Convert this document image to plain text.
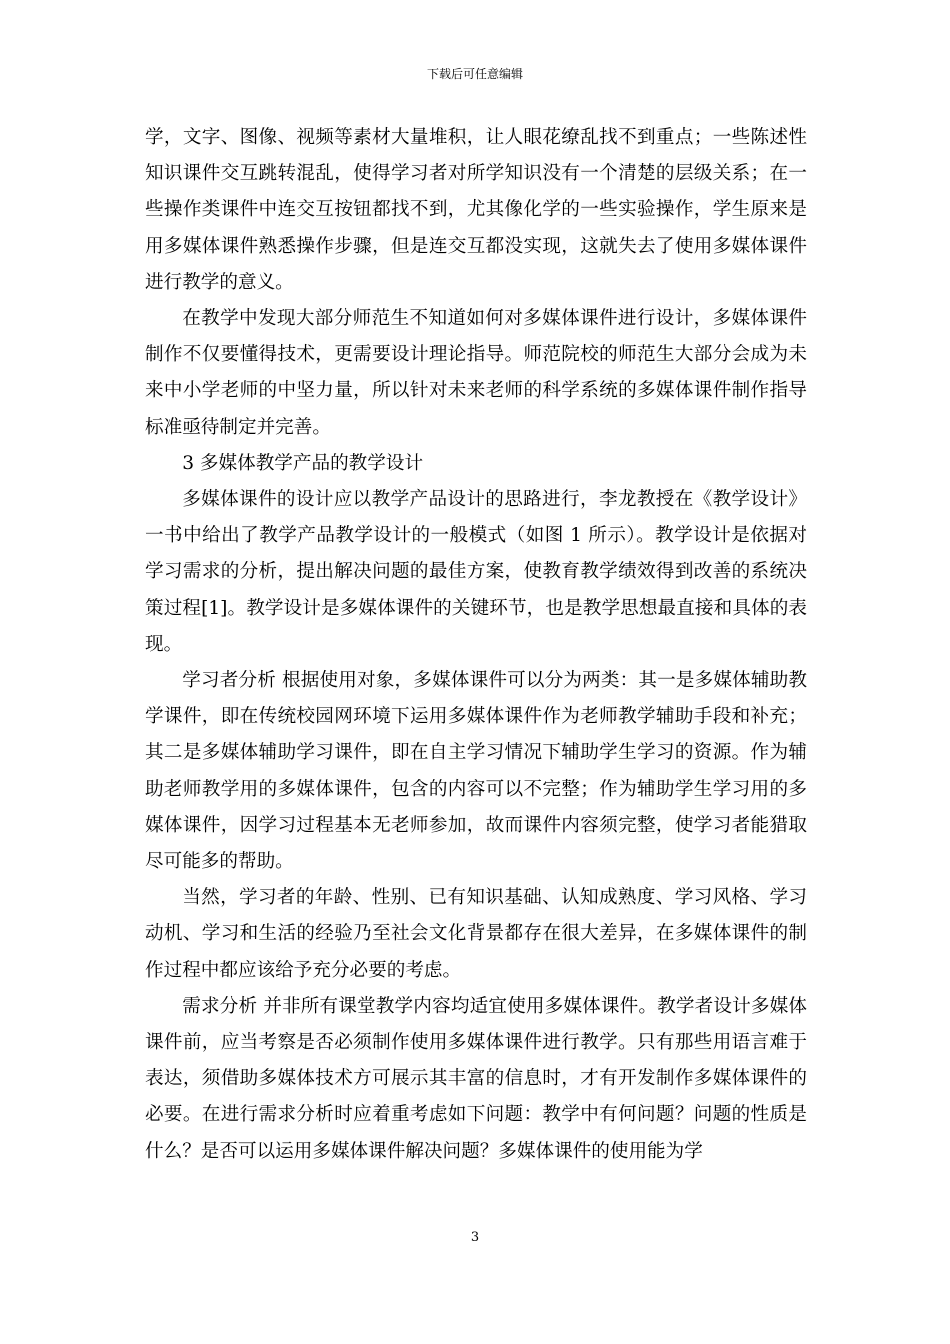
下载后可任意编辑

学，文字、图像、视频等素材大量堆积，让人眼花缭乱找不到重点；一些陈述性知识课件交互跳转混乱，使得学习者对所学知识没有一个清楚的层级关系；在一些操作类课件中连交互按钮都找不到，尤其像化学的一些实验操作，学生原来是用多媒体课件熟悉操作步骤，但是连交互都没实现，这就失去了使用多媒体课件进行教学的意义。

在教学中发现大部分师范生不知道如何对多媒体课件进行设计，多媒体课件制作不仅要懂得技术，更需要设计理论指导。师范院校的师范生大部分会成为未来中小学老师的中坚力量，所以针对未来老师的科学系统的多媒体课件制作指导标准亟待制定并完善。

3 多媒体教学产品的教学设计

多媒体课件的设计应以教学产品设计的思路进行，李龙教授在《教学设计》一书中给出了教学产品教学设计的一般模式（如图 1 所示）。教学设计是依据对学习需求的分析，提出解决问题的最佳方案，使教育教学绩效得到改善的系统决策过程[1]。教学设计是多媒体课件的关键环节，也是教学思想最直接和具体的表现。

学习者分析 根据使用对象，多媒体课件可以分为两类：其一是多媒体辅助教学课件，即在传统校园网环境下运用多媒体课件作为老师教学辅助手段和补充；其二是多媒体辅助学习课件，即在自主学习情况下辅助学生学习的资源。作为辅助老师教学用的多媒体课件，包含的内容可以不完整；作为辅助学生学习用的多媒体课件，因学习过程基本无老师参加，故而课件内容须完整，使学习者能猎取尽可能多的帮助。

当然，学习者的年龄、性别、已有知识基础、认知成熟度、学习风格、学习动机、学习和生活的经验乃至社会文化背景都存在很大差异，在多媒体课件的制作过程中都应该给予充分必要的考虑。

需求分析 并非所有课堂教学内容均适宜使用多媒体课件。教学者设计多媒体课件前，应当考察是否必须制作使用多媒体课件进行教学。只有那些用语言难于表达，须借助多媒体技术方可展示其丰富的信息时，才有开发制作多媒体课件的必要。在进行需求分析时应着重考虑如下问题：教学中有何问题？问题的性质是什么？是否可以运用多媒体课件解决问题？多媒体课件的使用能为学

3
